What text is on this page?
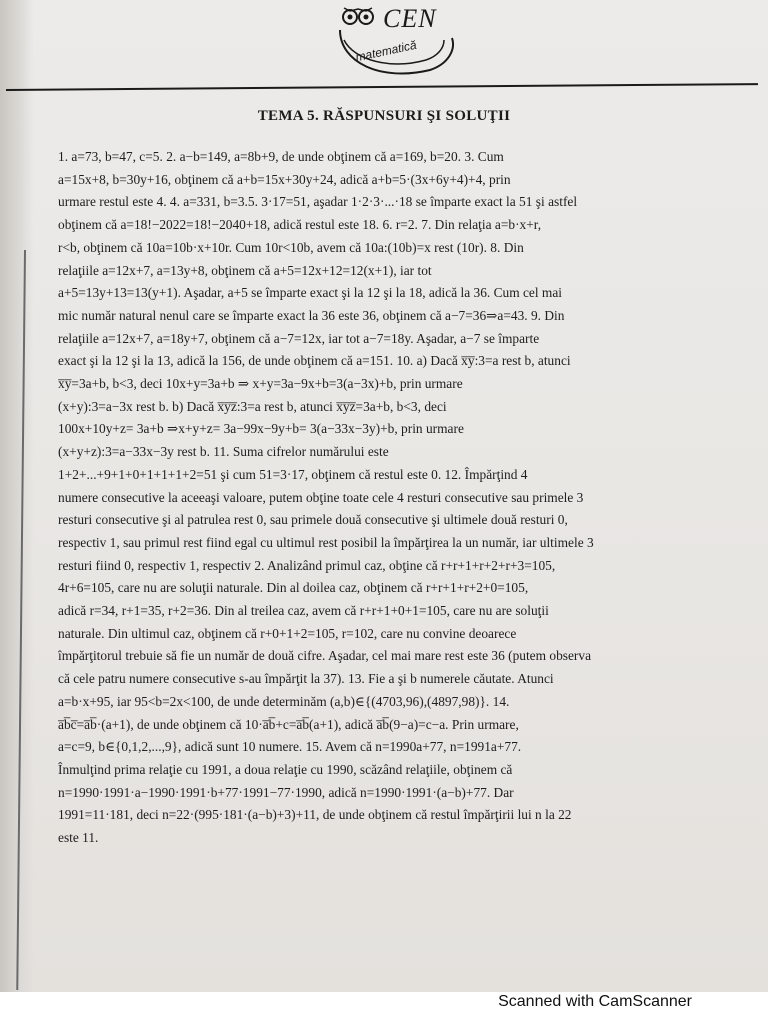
CEN
matematică
TEMA 5. RĂSPUNSURI ŞI SOLUŢII
1. a=73, b=47, c=5. 2. a−b=149, a=8b+9, de unde obţinem că a=169, b=20. 3. Cum
a=15x+8, b=30y+16, obţinem că a+b=15x+30y+24, adică a+b=5·(3x+6y+4)+4, prin
urmare restul este 4. 4. a=331, b=3.5. 3·17=51, aşadar 1·2·3·...·18 se împarte exact la 51 şi astfel
obţinem că a=18!−2022=18!−2040+18, adică restul este 18. 6. r=2. 7. Din relaţia a=b·x+r,
r<b, obţinem că 10a=10b·x+10r. Cum 10r<10b, avem că 10a:(10b)=x rest (10r). 8. Din
relaţiile a=12x+7, a=13y+8, obţinem că a+5=12x+12=12(x+1), iar tot
a+5=13y+13=13(y+1). Aşadar, a+5 se împarte exact şi la 12 şi la 18, adică la 36. Cum cel mai
mic număr natural nenul care se împarte exact la 36 este 36, obţinem că a−7=36⇒a=43. 9. Din
relaţiile a=12x+7, a=18y+7, obţinem că a−7=12x, iar tot a−7=18y. Aşadar, a−7 se împarte
exact şi la 12 şi la 13, adică la 156, de unde obţinem că a=151. 10. a) Dacă x̅y̅:3=a rest b, atunci
x̅y̅=3a+b, b<3, deci 10x+y=3a+b ⇒ x+y=3a−9x+b=3(a−3x)+b, prin urmare
(x+y):3=a−3x rest b. b) Dacă x̅y̅z̅:3=a rest b, atunci x̅y̅z̅=3a+b, b<3, deci
100x+10y+z= 3a+b ⇒x+y+z= 3a−99x−9y+b= 3(a−33x−3y)+b, prin urmare
(x+y+z):3=a−33x−3y rest b. 11. Suma cifrelor numărului este
1+2+...+9+1+0+1+1+1+2=51 şi cum 51=3·17, obţinem că restul este 0. 12. Împărţind 4
numere consecutive la aceeaşi valoare, putem obţine toate cele 4 resturi consecutive sau primele 3
resturi consecutive şi al patrulea rest 0, sau primele două consecutive şi ultimele două resturi 0,
respectiv 1, sau primul rest fiind egal cu ultimul rest posibil la împărţirea la un număr, iar ultimele 3
resturi fiind 0, respectiv 1, respectiv 2. Analizând primul caz, obţine că r+r+1+r+2+r+3=105,
4r+6=105, care nu are soluţii naturale. Din al doilea caz, obţinem că r+r+1+r+2+0=105,
adică r=34, r+1=35, r+2=36. Din al treilea caz, avem că r+r+1+0+1=105, care nu are soluţii
naturale. Din ultimul caz, obţinem că r+0+1+2=105, r=102, care nu convine deoarece
împărţitorul trebuie să fie un număr de două cifre. Aşadar, cel mai mare rest este 36 (putem observa
că cele patru numere consecutive s-au împărţit la 37). 13. Fie a şi b numerele căutate. Atunci
a=b·x+95, iar 95<b=2x<100, de unde determinăm (a,b)∈{(4703,96),(4897,98)}. 14.
a̅b̅c̅=a̅b̅·(a+1), de unde obţinem că 10·a̅b̅+c=a̅b̅(a+1), adică a̅b̅(9−a)=c−a. Prin urmare,
a=c=9, b∈{0,1,2,...,9}, adică sunt 10 numere. 15. Avem că n=1990a+77, n=1991a+77.
Înmulţind prima relaţie cu 1991, a doua relaţie cu 1990, scăzând relaţiile, obţinem că
n=1990·1991·a−1990·1991·b+77·1991−77·1990, adică n=1990·1991·(a−b)+77. Dar
1991=11·181, deci n=22·(995·181·(a−b)+3)+11, de unde obţinem că restul împărţirii lui n la 22
este 11.
Scanned with CamScanner
